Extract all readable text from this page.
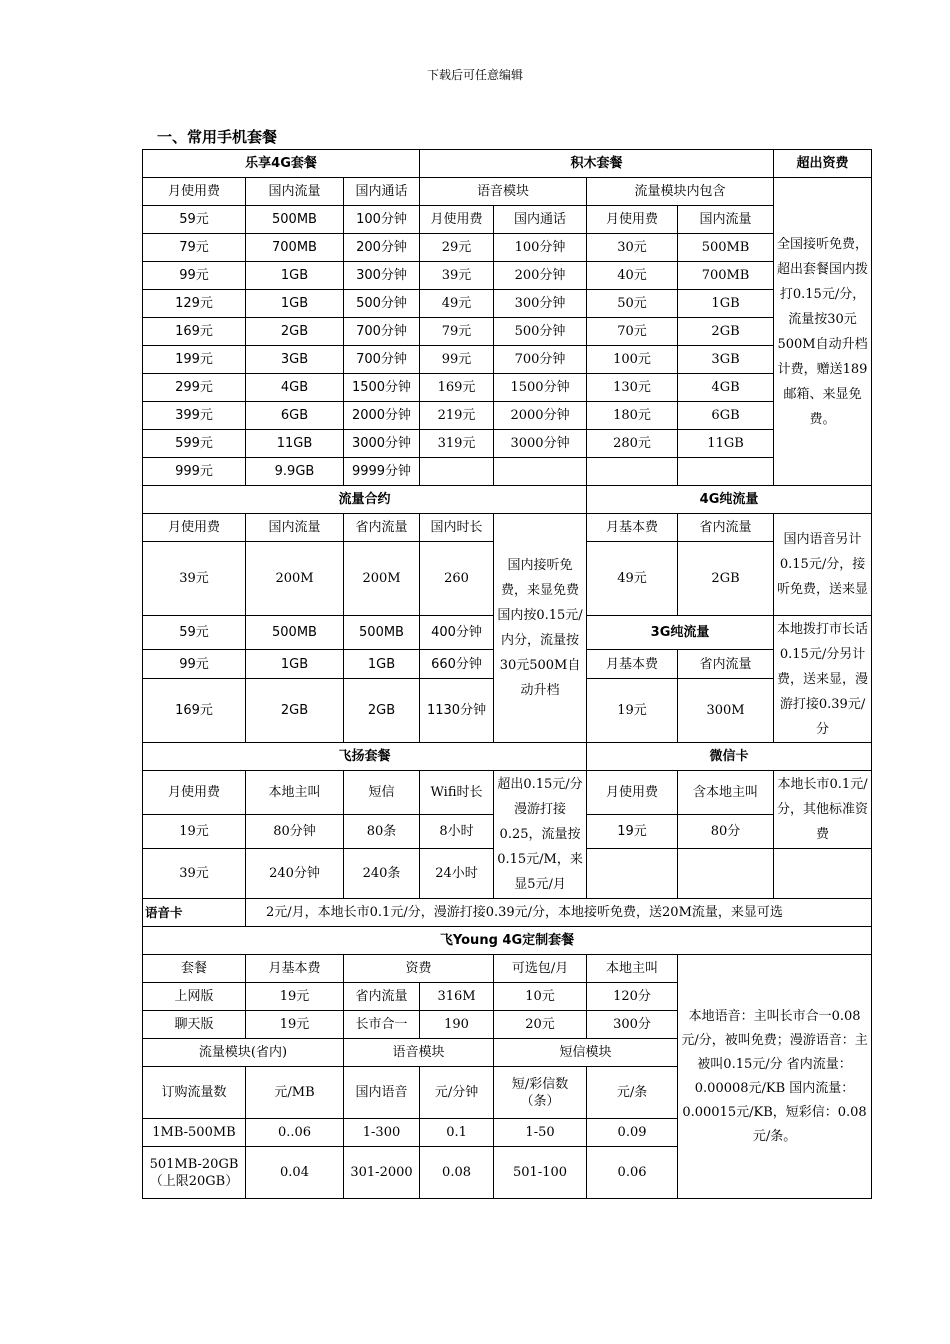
下载后可任意编辑
一、常用手机套餐
乐享4G套餐			积木套餐				超出资费
月使用费	国内流量	国内通话	语音模块		流量模块内包含		全国接听免费，超出套餐国内拨打0.15元/分，流量按30元500M自动升档计费，赠送189邮箱、来显免费。
59元	500MB	100分钟	月使用费	国内通话	月使用费	国内流量	
79元	700MB	200分钟	29元	100分钟	30元	500MB	
99元	1GB	300分钟	39元	200分钟	40元	700MB	
129元	1GB	500分钟	49元	300分钟	50元	1GB	
169元	2GB	700分钟	79元	500分钟	70元	2GB	
199元	3GB	700分钟	99元	700分钟	100元	3GB	
299元	4GB	1500分钟	169元	1500分钟	130元	4GB	
399元	6GB	2000分钟	219元	2000分钟	180元	6GB	
599元	11GB	3000分钟	319元	3000分钟	280元	11GB	
999元	9.9GB	9999分钟					
流量合约					4G纯流量		
月使用费	国内流量	省内流量	国内时长	国内接听免费，来显免费国内按0.15元/内分，流量按30元500M自动升档	月基本费	省内流量	国内语音另计0.15元/分，接听免费，送来显
39元	200M	200M	260		49元	2GB	
59元	500MB	500MB	400分钟		3G纯流量		本地拨打市长话0.15元/分另计费，送来显，漫游打接0.39元/分
99元	1GB	1GB	660分钟		月基本费	省内流量	
169元	2GB	2GB	1130分钟		19元	300M	
飞扬套餐					微信卡		
月使用费	本地主叫	短信	Wifi时长	超出0.15元/分漫游打接0.25，流量按0.15元/M，来显5元/月	月使用费	含本地主叫	本地长市0.1元/分，其他标准资费
19元	80分钟	80条	8小时		19元	80分	
39元	240分钟	240条	24小时				
语音卡	2元/月，本地长市0.1元/分，漫游打接0.39元/分，本地接听免费，送20M流量，来显可选						
飞Young 4G定制套餐							
套餐	月基本费	资费		可选包/月	本地主叫	本地语音：主叫长市合一0.08元/分，被叫免费；漫游语音：主被叫0.15元/分 省内流量：0.00008元/KB 国内流量：0.00015元/KB，短彩信：0.08元/条。	
上网版	19元	省内流量	316M	10元	120分		
聊天版	19元	长市合一	190	20元	300分		
流量模块(省内)		语音模块		短信模块			
订购流量数	元/MB	国内语音	元/分钟	短/彩信数（条）	元/条		
1MB-500MB	0..06	1-300	0.1	1-50	0.09		
501MB-20GB（上限20GB）	0.04	301-2000	0.08	501-100	0.06		
